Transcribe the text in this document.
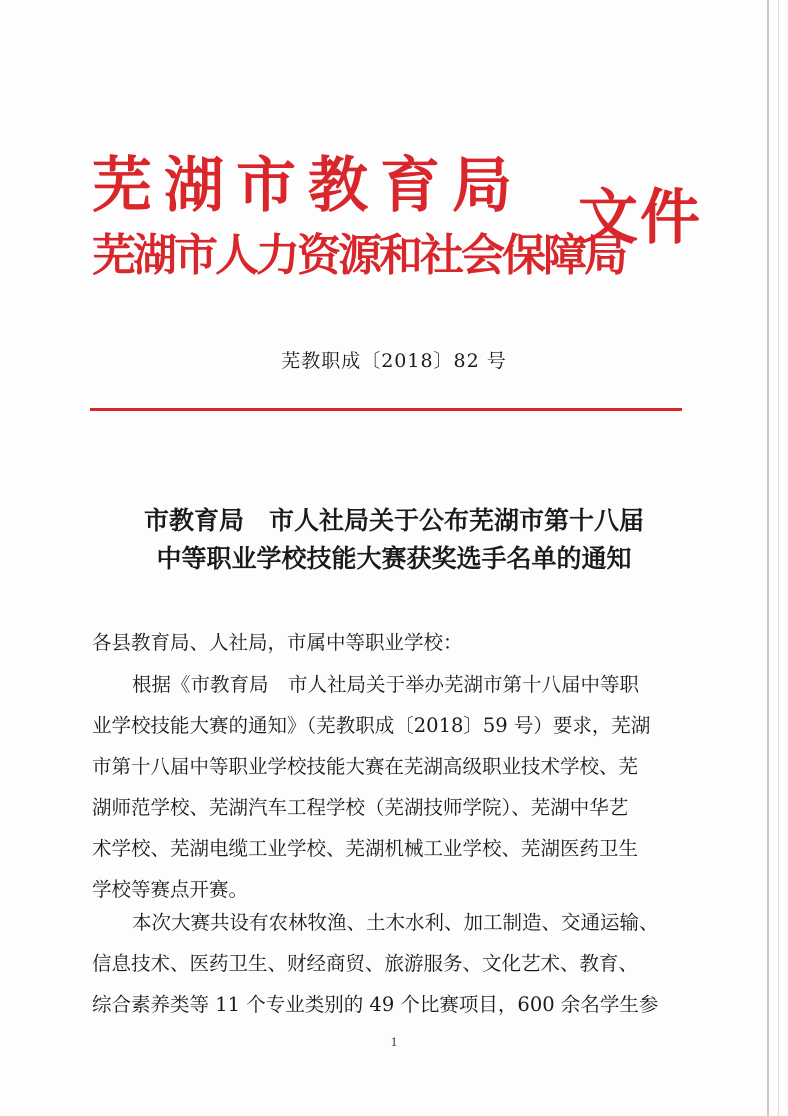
芜湖市教育局

芜湖市人力资源和社会保障局

文件
芜教职成〔2018〕82 号
市教育局　市人社局关于公布芜湖市第十八届
中等职业学校技能大赛获奖选手名单的通知
各县教育局、人社局，市属中等职业学校：
根据《市教育局　市人社局关于举办芜湖市第十八届中等职
业学校技能大赛的通知》（芜教职成〔2018〕59 号）要求，芜湖
市第十八届中等职业学校技能大赛在芜湖高级职业技术学校、芜
湖师范学校、芜湖汽车工程学校（芜湖技师学院）、芜湖中华艺
术学校、芜湖电缆工业学校、芜湖机械工业学校、芜湖医药卫生
学校等赛点开赛。
本次大赛共设有农林牧渔、土木水利、加工制造、交通运输、
信息技术、医药卫生、财经商贸、旅游服务、文化艺术、教育、
综合素养类等 11 个专业类别的 49 个比赛项目，600 余名学生参
1
